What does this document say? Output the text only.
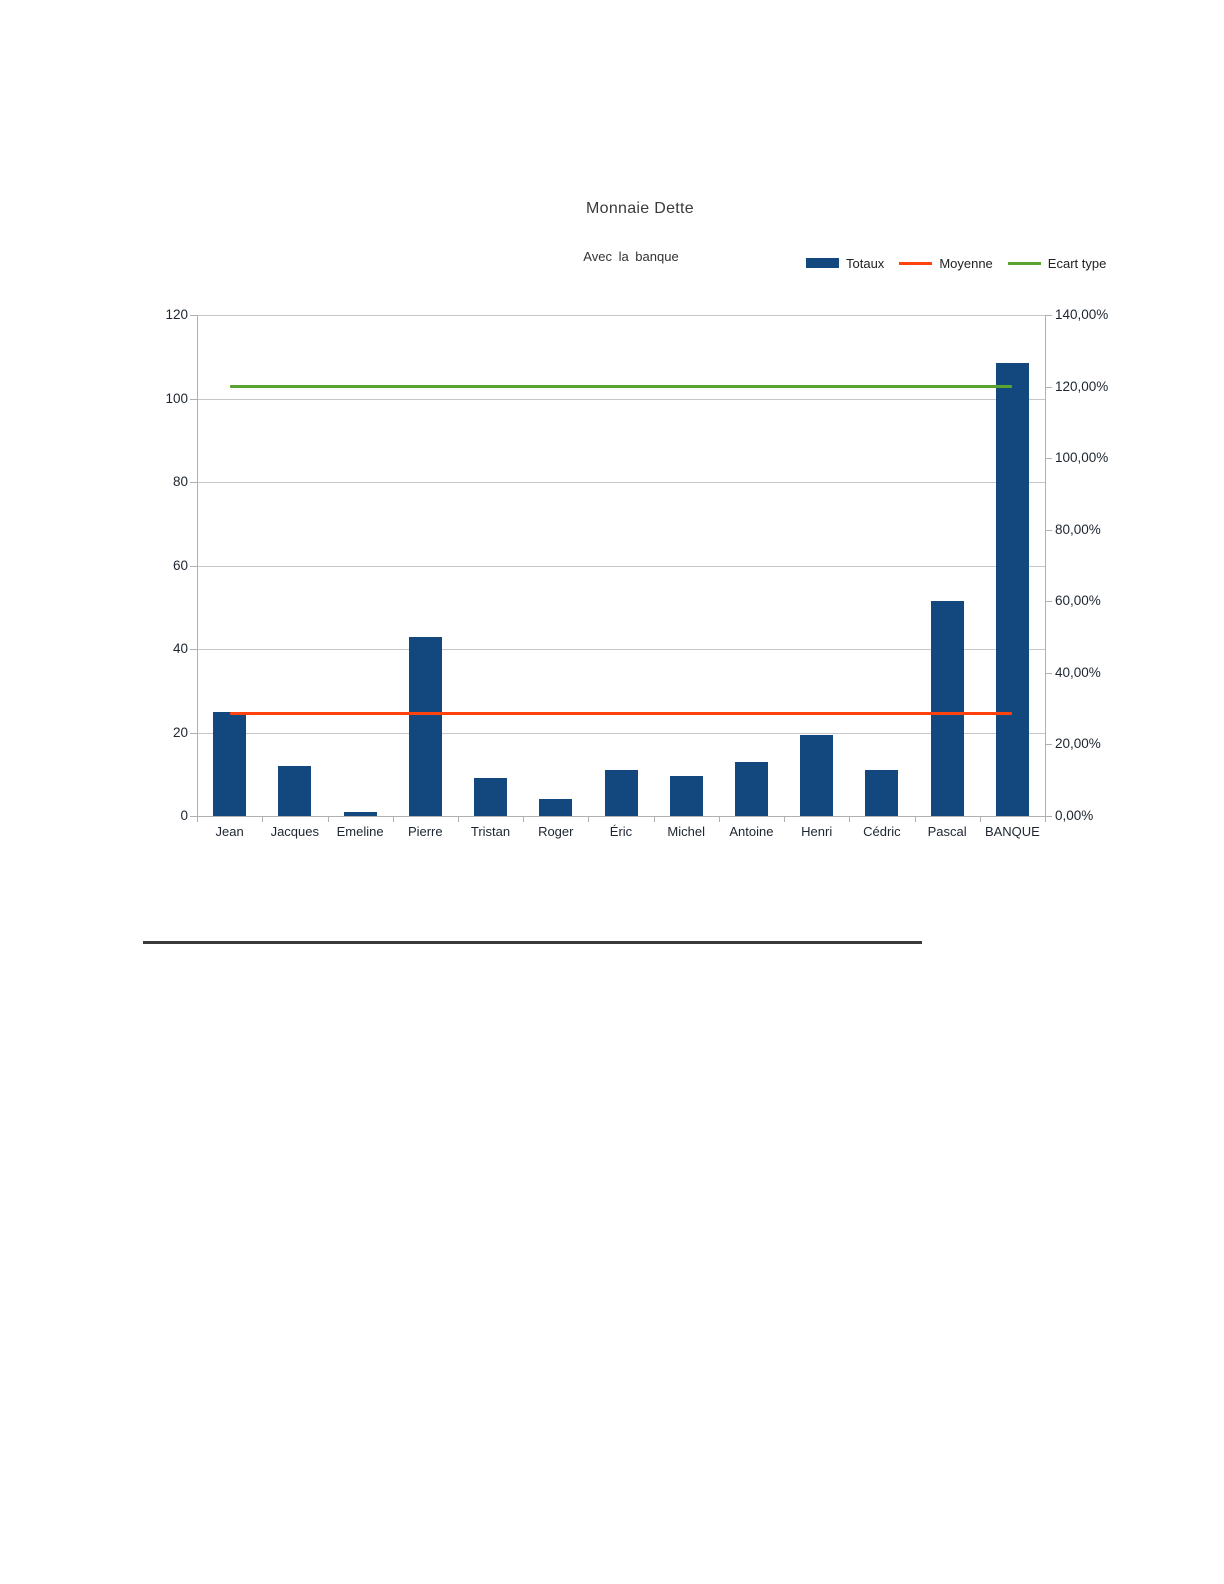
Monnaie Dette
Avec la banque	Totaux	Moyenne	Ecart type
0
20
40
60
80
100
120
0,00%
20,00%
40,00%
60,00%
80,00%
100,00%
120,00%
140,00%
Jean	Jacques	Emeline	Pierre	Tristan	Roger	Éric	Michel	Antoine	Henri	Cédric	Pascal	BANQUE
